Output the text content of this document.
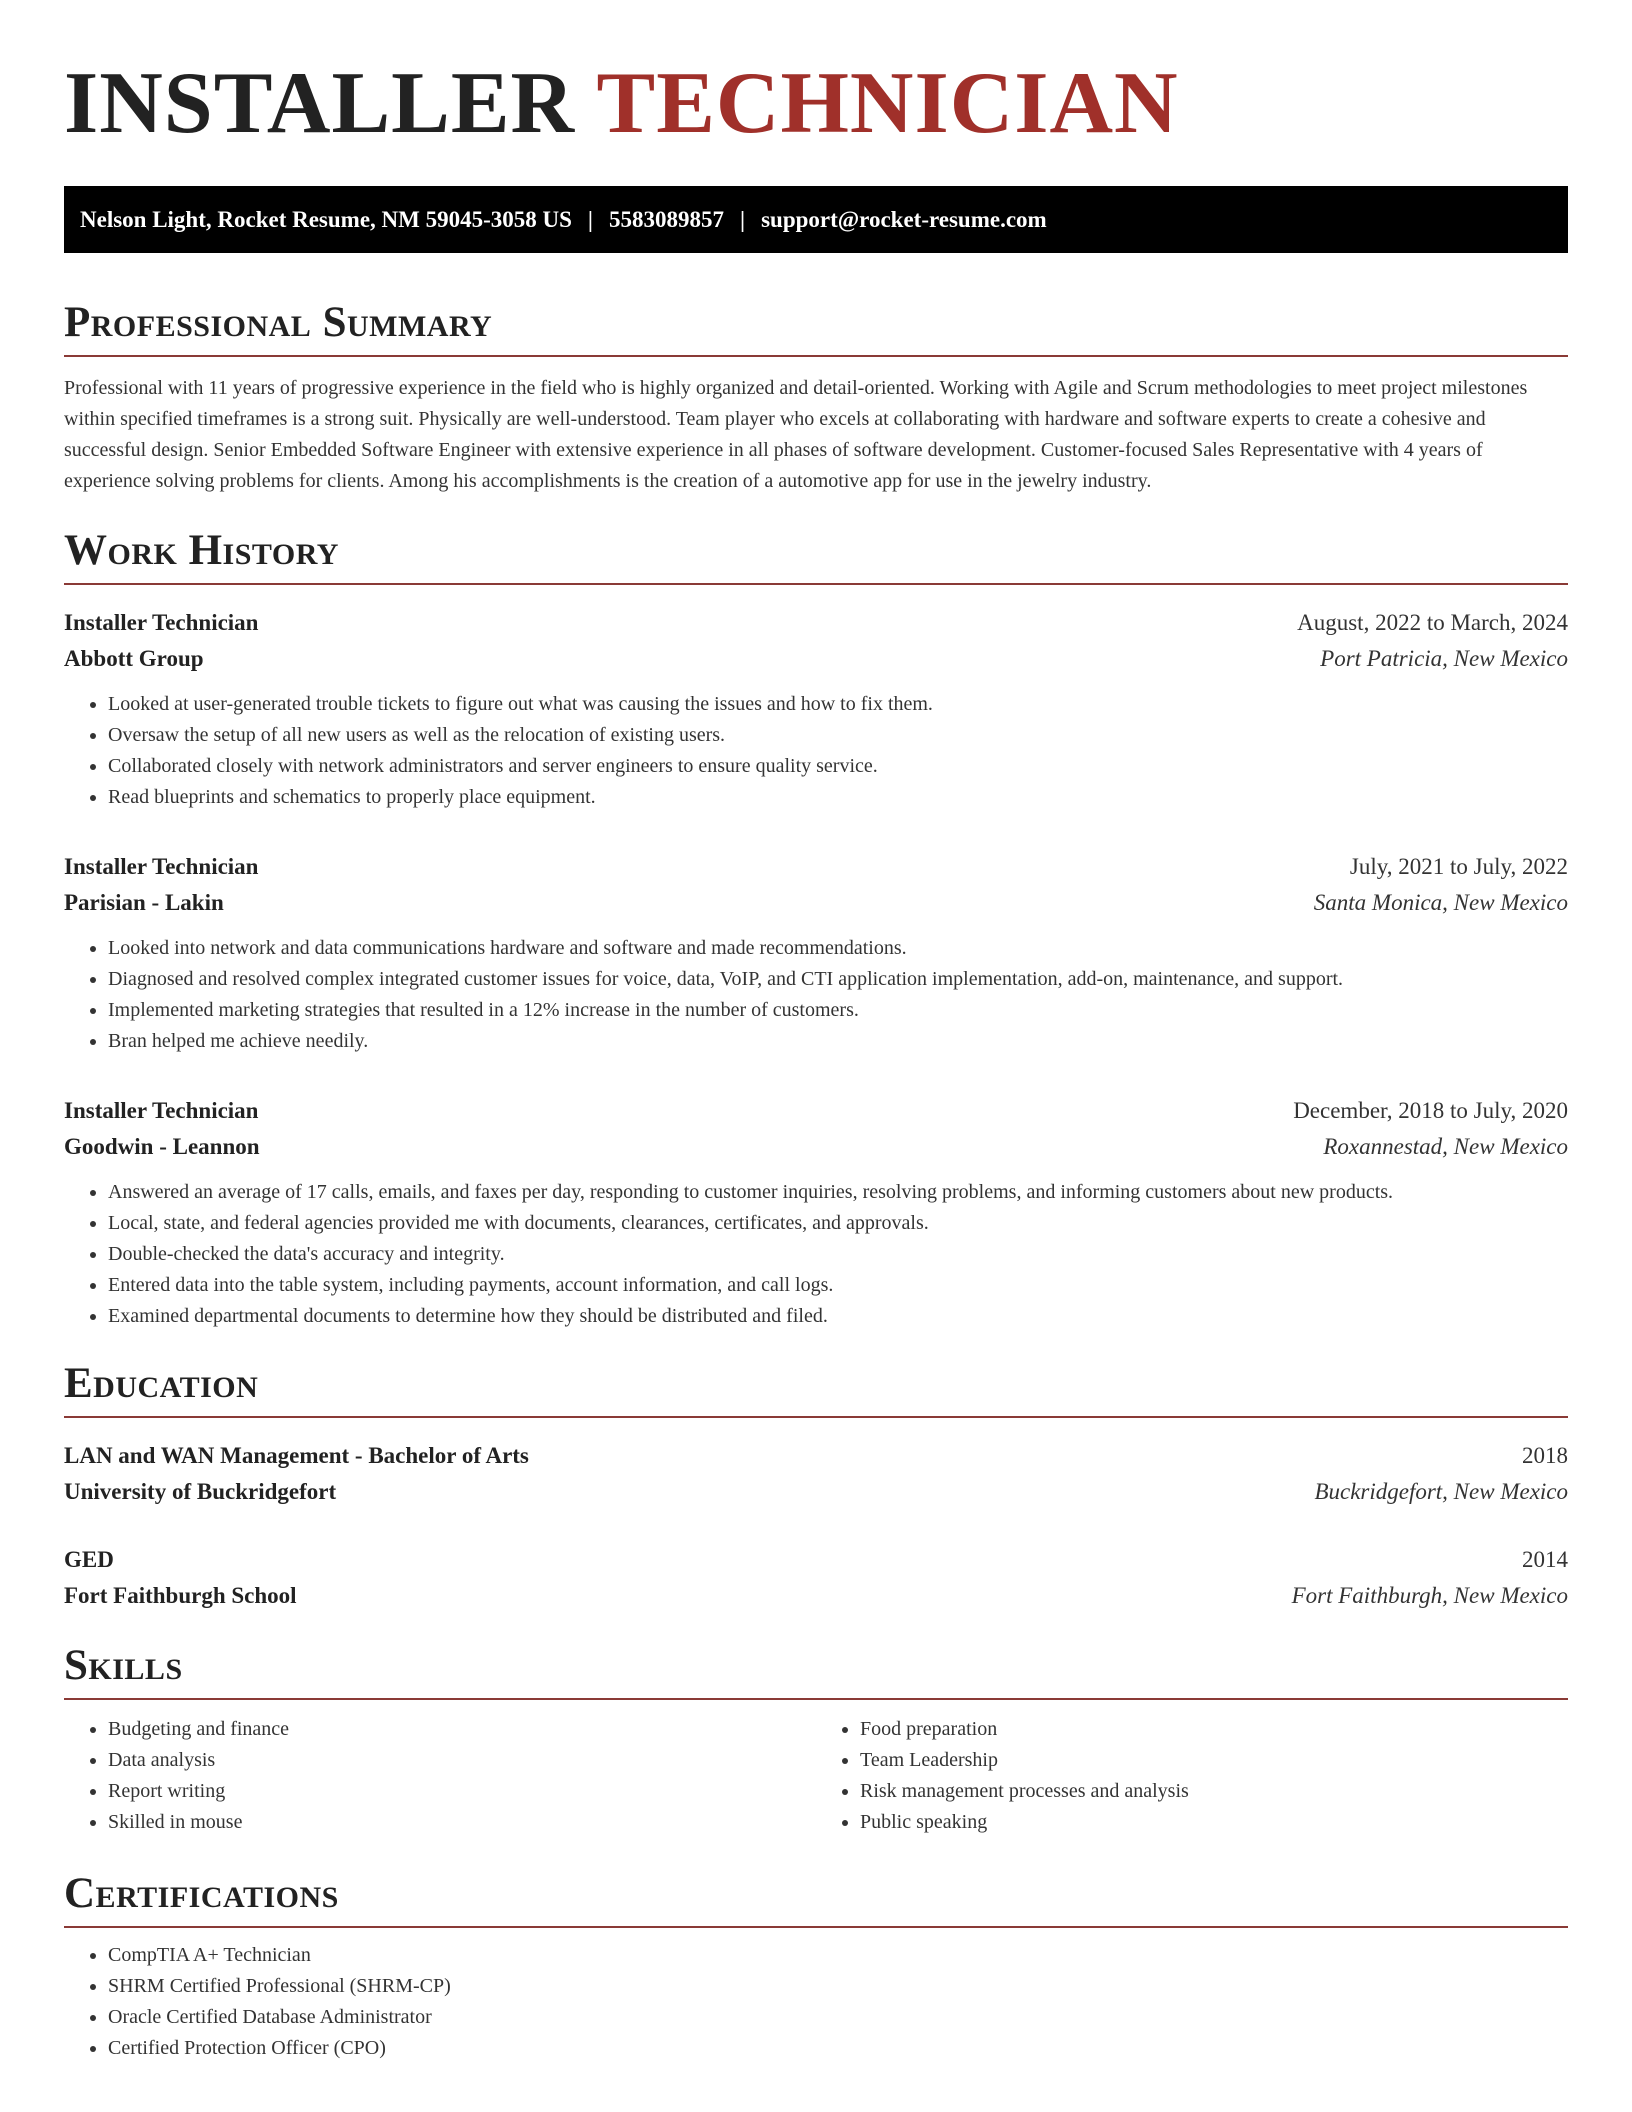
INSTALLER TECHNICIAN
Nelson Light, Rocket Resume, NM 59045-3058 US | 5583089857 | support@rocket-resume.com
Professional Summary
Professional with 11 years of progressive experience in the field who is highly organized and detail-oriented. Working with Agile and Scrum methodologies to meet project milestones within specified timeframes is a strong suit. Physically are well-understood. Team player who excels at collaborating with hardware and software experts to create a cohesive and successful design. Senior Embedded Software Engineer with extensive experience in all phases of software development. Customer-focused Sales Representative with 4 years of experience solving problems for clients. Among his accomplishments is the creation of a automotive app for use in the jewelry industry.
Work History
Installer Technician	August, 2022 to March, 2024
Abbott Group	Port Patricia, New Mexico
• Looked at user-generated trouble tickets to figure out what was causing the issues and how to fix them.
• Oversaw the setup of all new users as well as the relocation of existing users.
• Collaborated closely with network administrators and server engineers to ensure quality service.
• Read blueprints and schematics to properly place equipment.
Installer Technician	July, 2021 to July, 2022
Parisian - Lakin	Santa Monica, New Mexico
• Looked into network and data communications hardware and software and made recommendations.
• Diagnosed and resolved complex integrated customer issues for voice, data, VoIP, and CTI application implementation, add-on, maintenance, and support.
• Implemented marketing strategies that resulted in a 12% increase in the number of customers.
• Bran helped me achieve needily.
Installer Technician	December, 2018 to July, 2020
Goodwin - Leannon	Roxannestad, New Mexico
• Answered an average of 17 calls, emails, and faxes per day, responding to customer inquiries, resolving problems, and informing customers about new products.
• Local, state, and federal agencies provided me with documents, clearances, certificates, and approvals.
• Double-checked the data's accuracy and integrity.
• Entered data into the table system, including payments, account information, and call logs.
• Examined departmental documents to determine how they should be distributed and filed.
Education
LAN and WAN Management - Bachelor of Arts	2018
University of Buckridgefort	Buckridgefort, New Mexico
GED	2014
Fort Faithburgh School	Fort Faithburgh, New Mexico
Skills
• Budgeting and finance
• Data analysis
• Report writing
• Skilled in mouse
• Food preparation
• Team Leadership
• Risk management processes and analysis
• Public speaking
Certifications
• CompTIA A+ Technician
• SHRM Certified Professional (SHRM-CP)
• Oracle Certified Database Administrator
• Certified Protection Officer (CPO)
